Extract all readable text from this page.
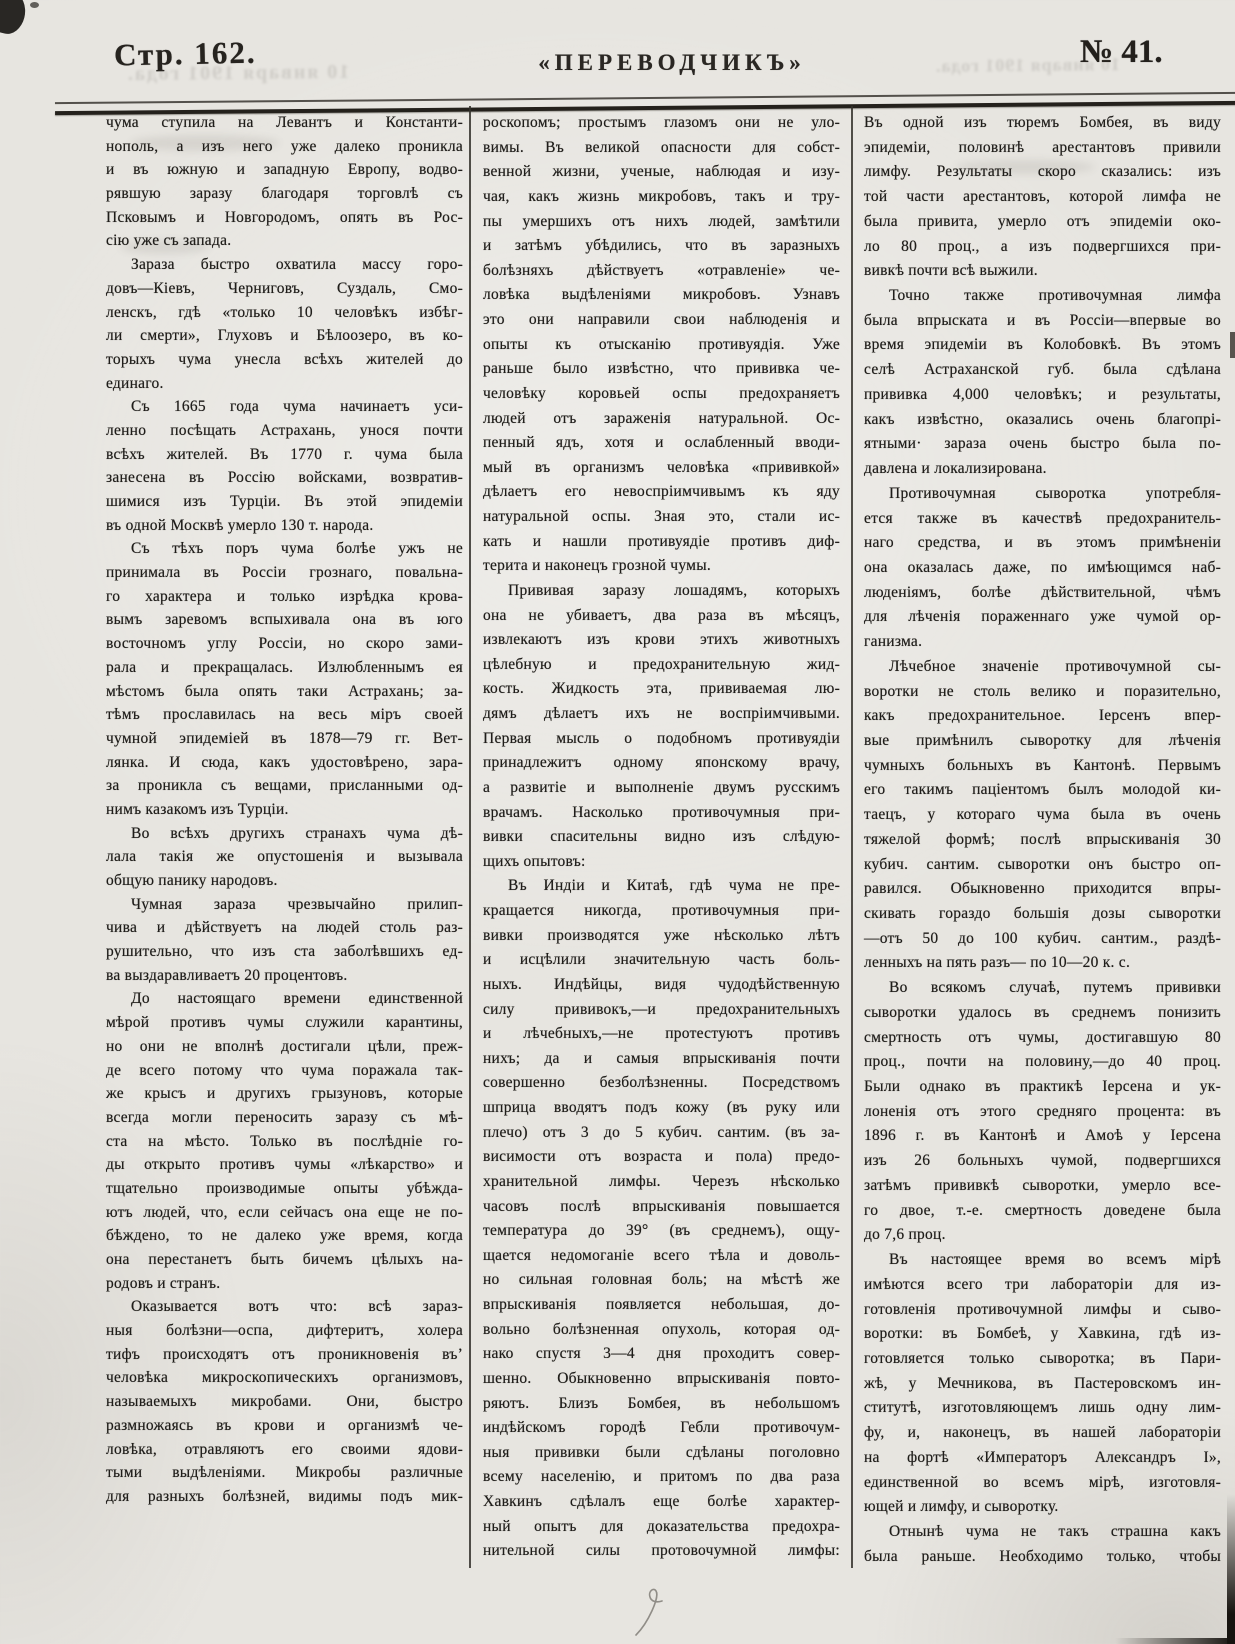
Стр. 162.	«ПЕРЕВОДЧИКЪ»	№ 41.
10 января 1901 года.	10 января 1901 года.
чума ступила на Левантъ и Константи-
нополь, а изъ него уже далеко проникла
и въ южную и западную Европу, водво-
рявшую заразу благодаря торговлѣ съ
Псковымъ и Новгородомъ, опять въ Рос-
сію уже съ запада.
Зараза быстро охватила массу горо-
довъ—Кіевъ, Черниговъ, Суздаль, Смо-
ленскъ, гдѣ «только 10 человѣкъ избѣг-
ли смерти», Глуховъ и Бѣлоозеро, въ ко-
торыхъ чума унесла всѣхъ жителей до
единаго.
Съ 1665 года чума начинаетъ уси-
ленно посѣщать Астрахань, унося почти
всѣхъ жителей. Въ 1770 г. чума была
занесена въ Россію войсками, возвратив-
шимися изъ Турціи. Въ этой эпидеміи
въ одной Москвѣ умерло 130 т. народа.
Съ тѣхъ поръ чума болѣе ужъ не
принимала въ Россіи грознаго, повальна-
го характера и только изрѣдка крова-
вымъ заревомъ вспыхивала она въ юго
восточномъ углу Россіи, но скоро зами-
рала и прекращалась. Излюбленнымъ ея
мѣстомъ была опять таки Астрахань; за-
тѣмъ прославилась на весь міръ своей
чумной эпидеміей въ 1878—79 гг. Вет-
лянка. И сюда, какъ удостовѣрено, зара-
за проникла съ вещами, присланными од-
нимъ казакомъ изъ Турціи.
Во всѣхъ другихъ странахъ чума дѣ-
лала такія же опустошенія и вызывала
общую панику народовъ.
Чумная зараза чрезвычайно прилип-
чива и дѣйствуетъ на людей столь раз-
рушительно, что изъ ста заболѣвшихъ ед-
ва выздаравливаетъ 20 процентовъ.
До настоящаго времени единственной
мѣрой противъ чумы служили карантины,
но они не вполнѣ достигали цѣли, преж-
де всего потому что чума поражала так-
же крысъ и другихъ грызуновъ, которые
всегда могли переносить заразу съ мѣ-
ста на мѣсто. Только въ послѣдніе го-
ды открыто противъ чумы «лѣкарство» и
тщательно производимые опыты убѣжда-
ютъ людей, что, если сейчасъ она еще не по-
бѣждено, то не далеко уже время, когда
она перестанетъ быть бичемъ цѣлыхъ на-
родовъ и странъ.
Оказывается вотъ что: всѣ зараз-
ныя болѣзни—оспа, дифтеритъ, холера
тифъ происходятъ отъ проникновенія въ’
человѣка микроскопическихъ организмовъ,
называемыхъ микробами. Они, быстро
размножаясь въ крови и организмѣ че-
ловѣка, отравляютъ его своими ядови-
тыми выдѣленіями. Микробы различные
для разныхъ болѣзней, видимы подъ мик-
роскопомъ; простымъ глазомъ они не уло-
вимы. Въ великой опасности для собст-
венной жизни, ученые, наблюдая и изу-
чая, какъ жизнь микробовъ, такъ и тру-
пы умершихъ отъ нихъ людей, замѣтили
и затѣмъ убѣдились, что въ заразныхъ
болѣзняхъ дѣйствуетъ «отравленіе» че-
ловѣка выдѣленіями микробовъ. Узнавъ
это они направили свои наблюденія и
опыты къ отысканію противуядія. Уже
раньше было извѣстно, что прививка че-
человѣку коровьей оспы предохраняетъ
людей отъ зараженія натуральной. Ос-
пенный ядъ, хотя и ослабленный вводи-
мый въ организмъ человѣка «прививкой»
дѣлаетъ его невоспріимчивымъ къ яду
натуральной оспы. Зная это, стали ис-
кать и нашли противуядіе противъ диф-
терита и наконецъ грозной чумы.
Прививая заразу лошадямъ, которыхъ
она не убиваетъ, два раза въ мѣсяцъ,
извлекаютъ изъ крови этихъ животныхъ
цѣлебную и предохранительную жид-
кость. Жидкость эта, прививаемая лю-
дямъ дѣлаетъ ихъ не воспріимчивыми.
Первая мысль о подобномъ противуядіи
принадлежитъ одному японскому врачу,
а развитіе и выполненіе двумъ русскимъ
врачамъ. Насколько противочумныя при-
вивки спасительны видно изъ слѣдую-
щихъ опытовъ:
Въ Индіи и Китаѣ, гдѣ чума не пре-
кращается никогда, противочумныя при-
вивки производятся уже нѣсколько лѣтъ
и исцѣлили значительную часть боль-
ныхъ. Индѣйцы, видя чудодѣйственную
силу прививокъ,—и предохранительныхъ
и лѣчебныхъ,—не протестуютъ противъ
нихъ; да и самыя впрыскиванія почти
совершенно безболѣзненны. Посредствомъ
шприца вводятъ подъ кожу (въ руку или
плечо) отъ 3 до 5 кубич. сантим. (въ за-
висимости отъ возраста и пола) предо-
хранительной лимфы. Черезъ нѣсколько
часовъ послѣ впрыскиванія повышается
температура до 39° (въ среднемъ), ощу-
щается недомоганіе всего тѣла и доволь-
но сильная головная боль; на мѣстѣ же
впрыскиванія появляется небольшая, до-
вольно болѣзненная опухоль, которая од-
нако спустя 3—4 дня проходитъ совер-
шенно. Обыкновенно впрыскиванія повто-
ряютъ. Близъ Бомбея, въ небольшомъ
индѣйскомъ городѣ Гебли противочум-
ныя прививки были сдѣланы поголовно
всему населенію, и притомъ по два раза
Хавкинъ сдѣлалъ еще болѣе характер-
ный опытъ для доказательства предохра-
нительной силы протовочумной лимфы:
Въ одной изъ тюремъ Бомбея, въ виду
эпидеміи, половинѣ арестантовъ привили
лимфу. Результаты скоро сказались: изъ
той части арестантовъ, которой лимфа не
была привита, умерло отъ эпидеміи око-
ло 80 проц., а изъ подвергшихся при-
вивкѣ почти всѣ выжили.
Точно также противочумная лимфа
была впрыската и въ Россіи—впервые во
время эпидеміи въ Колобовкѣ. Въ этомъ
селѣ Астраханской губ. была сдѣлана
прививка 4,000 человѣкъ; и результаты,
какъ извѣстно, оказались очень благопрі-
ятными· зараза очень быстро была по-
давлена и локализирована.
Противочумная сыворотка употребля-
ется также въ качествѣ предохранитель-
наго средства, и въ этомъ примѣненіи
она оказалась даже, по имѣющимся наб-
люденіямъ, болѣе дѣйствительной, чѣмъ
для лѣченія пораженнаго уже чумой ор-
ганизма.
Лѣчебное значеніе противочумной сы-
воротки не столь велико и поразительно,
какъ предохранительное. Іерсенъ впер-
вые примѣнилъ сыворотку для лѣченія
чумныхъ больныхъ въ Кантонѣ. Первымъ
его такимъ паціентомъ былъ молодой ки-
таецъ, у котораго чума была въ очень
тяжелой формѣ; послѣ впрыскиванія 30
кубич. сантим. сыворотки онъ быстро оп-
равился. Обыкновенно приходится впры-
скивать гораздо большія дозы сыворотки
—отъ 50 до 100 кубич. сантим., раздѣ-
ленныхъ на пять разъ— по 10—20 к. с.
Во всякомъ случаѣ, путемъ прививки
сыворотки удалось въ среднемъ понизить
смертность отъ чумы, достигавшую 80
проц., почти на половину,—до 40 проц.
Были однако въ практикѣ Іерсена и ук-
лоненія отъ этого средняго процента: въ
1896 г. въ Кантонѣ и Амоѣ у Іерсена
изъ 26 больныхъ чумой, подвергшихся
затѣмъ прививкѣ сыворотки, умерло все-
го двое, т.-е. смертность доведене была
до 7,6 проц.
Въ настоящее время во всемъ мірѣ
имѣются всего три лабораторіи для из-
готовленія противочумной лимфы и сыво-
воротки: въ Бомбеѣ, у Хавкина, гдѣ из-
готовляется только сыворотка; въ Пари-
жѣ, у Мечникова, въ Пастеровскомъ ин-
ститутѣ, изготовляющемъ лишь одну лим-
фу, и, наконецъ, въ нашей лабораторіи
на фортѣ «Императоръ Александръ I»,
единственной во всемъ мірѣ, изготовля-
ющей и лимфу, и сыворотку.
Отнынѣ чума не такъ страшна какъ
была раньше. Необходимо только, чтобы
